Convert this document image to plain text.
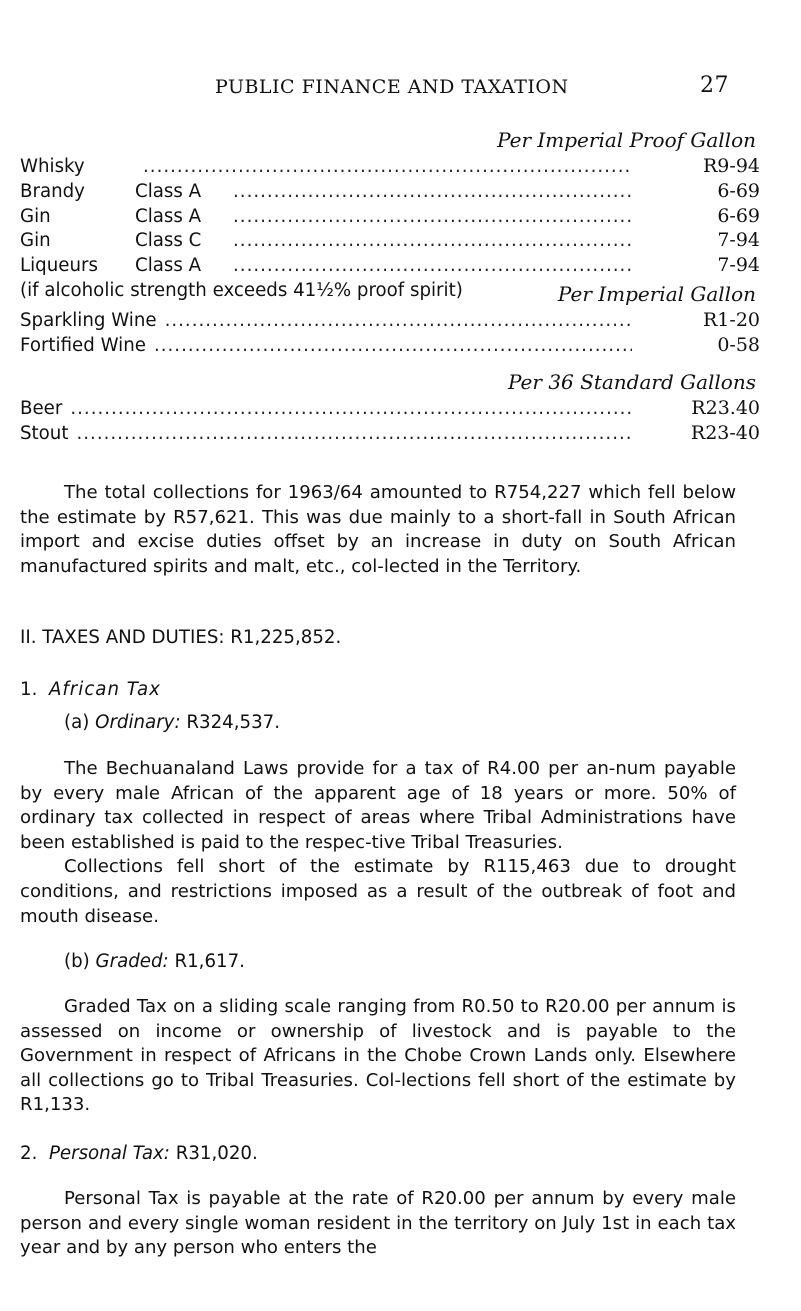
PUBLIC FINANCE AND TAXATION	27
Per Imperial Proof Gallon
Whisky .....	R9-94
Brandy	Class A .....	6-69
Gin	Class A .....	6-69
Gin	Class C .....	7-94
Liqueurs	Class A .....	7-94
(if alcoholic strength exceeds 41½% proof spirit)	Per Imperial Gallon
Sparkling Wine .....	R1-20
Fortified Wine .....	0-58
Per 36 Standard Gallons
Beer .....	R23.40
Stout .....	R23-40

The total collections for 1963/64 amounted to R754,227 which fell below the estimate by R57,621. This was due mainly to a short-fall in South African import and excise duties offset by an increase in duty on South African manufactured spirits and malt, etc., col-lected in the Territory.

II. TAXES AND DUTIES: R1,225,852.
1. African Tax
(a) Ordinary: R324,537.

The Bechuanaland Laws provide for a tax of R4.00 per an-num payable by every male African of the apparent age of 18 years or more. 50% of ordinary tax collected in respect of areas where Tribal Administrations have been established is paid to the respec-tive Tribal Treasuries.

Collections fell short of the estimate by R115,463 due to drought conditions, and restrictions imposed as a result of the outbreak of foot and mouth disease.

(b) Graded: R1,617.

Graded Tax on a sliding scale ranging from R0.50 to R20.00 per annum is assessed on income or ownership of livestock and is payable to the Government in respect of Africans in the Chobe Crown Lands only. Elsewhere all collections go to Tribal Treasuries. Col-lections fell short of the estimate by R1,133.

2. Personal Tax: R31,020.

Personal Tax is payable at the rate of R20.00 per annum by every male person and every single woman resident in the territory on July 1st in each tax year and by any person who enters the
